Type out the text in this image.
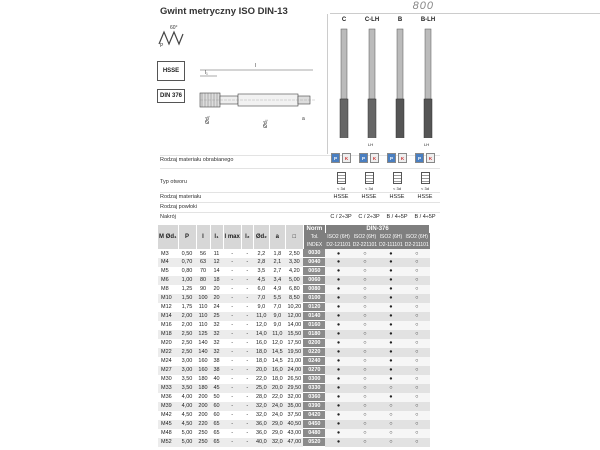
Gwint metryczny ISO DIN-13	800
60°
P
HSSE
DIN 376
l
l₁
Ød₁	Ød₂
a
C	C-LH	B	B-LH
LH	LH
Rodzaj materiału obrabianego	P K	P K	P K	P K
Typ otworu
< 3d	< 3d	< 3d	< 3d
Rodzaj materiału	HSSE	HSSE	HSSE	HSSE
Rodzaj powłoki
Nakrój	C / 2÷3P	C / 2÷3P	B / 4÷5P	B / 4÷5P
M Ød₁	P	l	l₁	l max	l₂	Ød₂	a	□	Norm	DIN-376			
									Tol.	ISO2 (6H)	ISO2 (6H)	ISO2 (6H)	ISO2 (6H)
									INDEX	D2-121101	D2-221101	D2-111101	D2-211101
M3	0,50	56	11	-	-	2,2	1,8	2,50	0030	●	○	●	○
M4	0,70	63	12	-	-	2,8	2,1	3,30	0040	●	○	●	○
M5	0,80	70	14	-	-	3,5	2,7	4,20	0050	●	○	●	○
M6	1,00	80	18	-	-	4,5	3,4	5,00	0060	●	○	●	○
M8	1,25	90	20	-	-	6,0	4,9	6,80	0080	●	○	●	○
M10	1,50	100	20	-	-	7,0	5,5	8,50	0100	●	○	●	○
M12	1,75	110	24	-	-	9,0	7,0	10,20	0120	●	○	●	○
M14	2,00	110	25	-	-	11,0	9,0	12,00	0140	●	○	●	○
M16	2,00	110	32	-	-	12,0	9,0	14,00	0160	●	○	●	○
M18	2,50	125	32	-	-	14,0	11,0	15,50	0180	●	○	●	○
M20	2,50	140	32	-	-	16,0	12,0	17,50	0200	●	○	●	○
M22	2,50	140	32	-	-	18,0	14,5	19,50	0220	●	○	●	○
M24	3,00	160	38	-	-	18,0	14,5	21,00	0240	●	○	●	○
M27	3,00	160	38	-	-	20,0	16,0	24,00	0270	●	○	●	○
M30	3,50	180	40	-	-	22,0	18,0	26,50	0300	●	○	●	○
M33	3,50	180	45	-	-	25,0	20,0	29,50	0330	●	○	○	○
M36	4,00	200	50	-	-	28,0	22,0	32,00	0360	●	○	●	○
M39	4,00	200	60	-	-	32,0	24,0	35,00	0390	●	○	○	○
M42	4,50	200	60	-	-	32,0	24,0	37,50	0420	●	○	○	○
M45	4,50	220	65	-	-	36,0	29,0	40,50	0450	●	○	○	○
M48	5,00	250	65	-	-	36,0	29,0	43,00	0480	●	○	○	○
M52	5,00	250	65	-	-	40,0	32,0	47,00	0520	●	○	○	○
